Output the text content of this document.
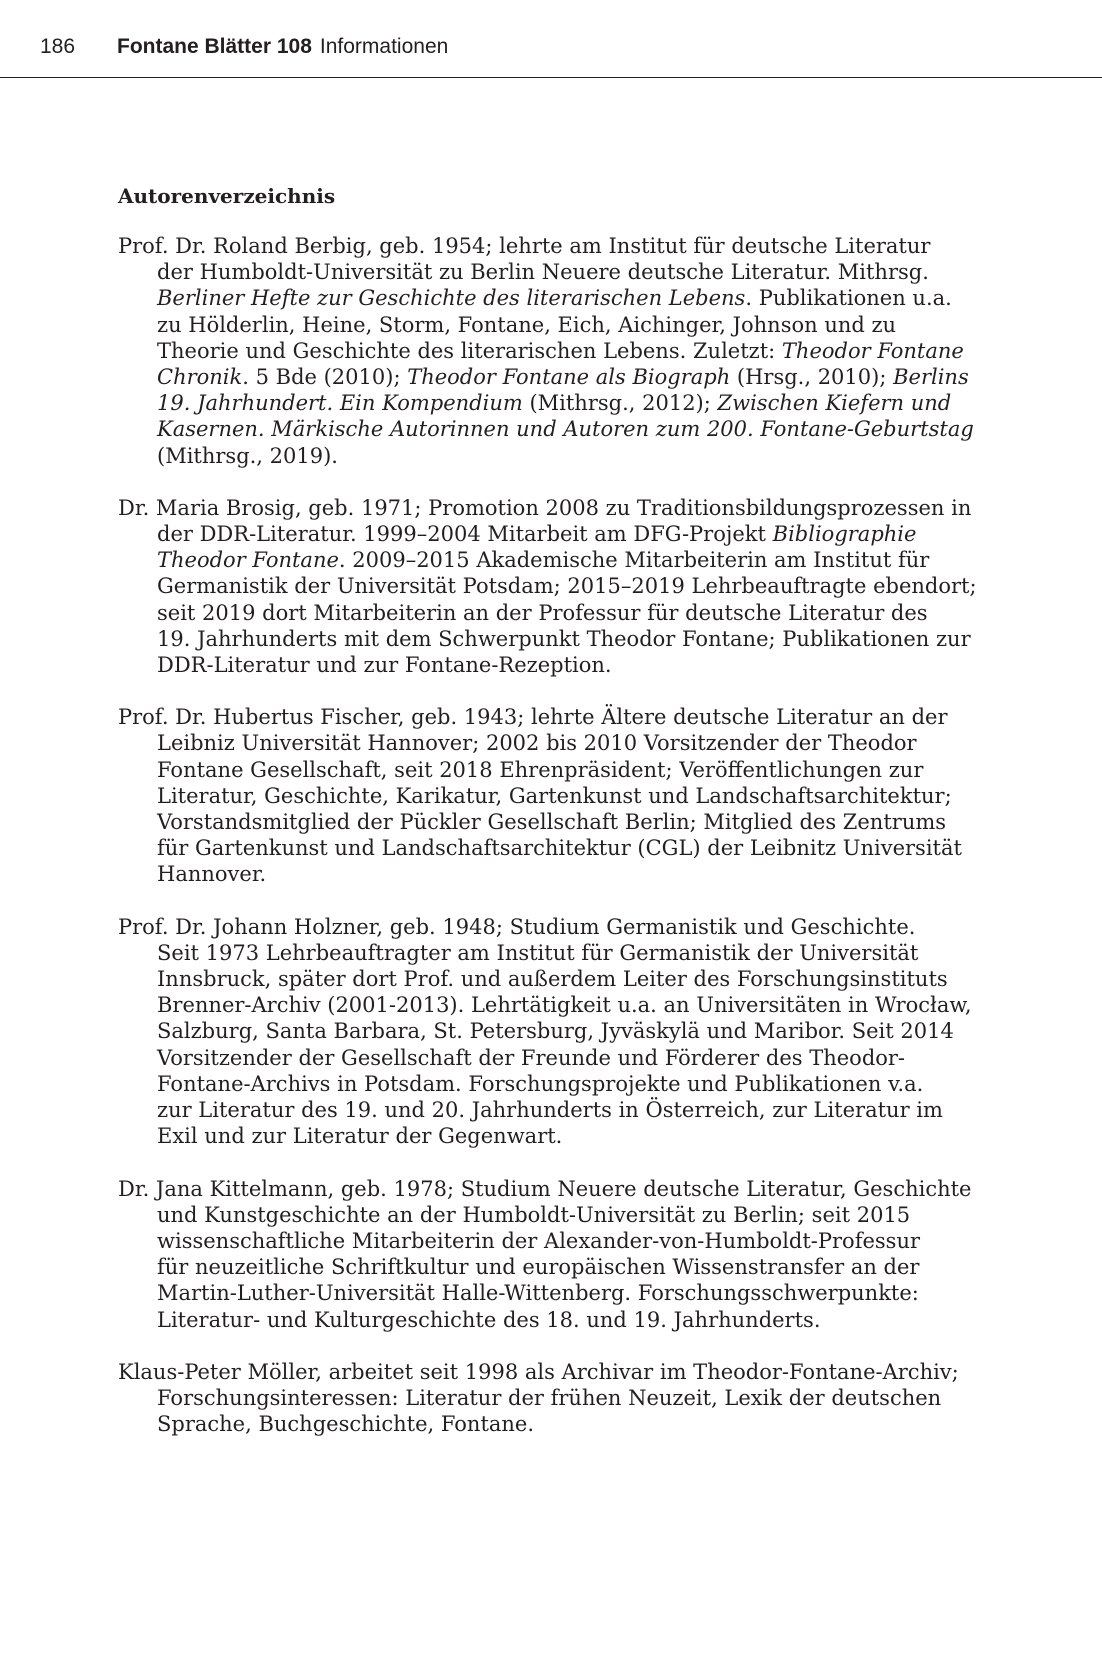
186 Fontane Blätter 108 Informationen
Autorenverzeichnis

Prof. Dr. Roland Berbig, geb. 1954; lehrte am Institut für deutsche Literatur
der Humboldt-Universität zu Berlin Neuere deutsche Literatur. Mithrsg.
Berliner Hefte zur Geschichte des literarischen Lebens. Publikationen u.a.
zu Hölderlin, Heine, Storm, Fontane, Eich, Aichinger, Johnson und zu
Theorie und Geschichte des literarischen Lebens. Zuletzt: Theodor Fontane
Chronik. 5 Bde (2010); Theodor Fontane als Biograph (Hrsg., 2010); Berlins
19. Jahrhundert. Ein Kompendium (Mithrsg., 2012); Zwischen Kiefern und
Kasernen. Märkische Autorinnen und Autoren zum 200. Fontane-Geburtstag
(Mithrsg., 2019).

Dr. Maria Brosig, geb. 1971; Promotion 2008 zu Traditionsbildungsprozessen in
der DDR-Literatur. 1999–2004 Mitarbeit am DFG-Projekt Bibliographie
Theodor Fontane. 2009–2015 Akademische Mitarbeiterin am Institut für
Germanistik der Universität Potsdam; 2015–2019 Lehrbeauftragte ebendort;
seit 2019 dort Mitarbeiterin an der Professur für deutsche Literatur des
19. Jahrhunderts mit dem Schwerpunkt Theodor Fontane; Publikationen zur
DDR-Literatur und zur Fontane-Rezeption.

Prof. Dr. Hubertus Fischer, geb. 1943; lehrte Ältere deutsche Literatur an der
Leibniz Universität Hannover; 2002 bis 2010 Vorsitzender der Theodor
Fontane Gesellschaft, seit 2018 Ehrenpräsident; Veröffentlichungen zur
Literatur, Geschichte, Karikatur, Gartenkunst und Landschaftsarchitektur;
Vorstandsmitglied der Pückler Gesellschaft Berlin; Mitglied des Zentrums
für Gartenkunst und Landschaftsarchitektur (CGL) der Leibnitz Universität
Hannover.

Prof. Dr. Johann Holzner, geb. 1948; Studium Germanistik und Geschichte.
Seit 1973 Lehrbeauftragter am Institut für Germanistik der Universität
Innsbruck, später dort Prof. und außerdem Leiter des Forschungsinstituts
Brenner-Archiv (2001-2013). Lehrtätigkeit u.a. an Universitäten in Wrocław,
Salzburg, Santa Barbara, St. Petersburg, Jyväskylä und Maribor. Seit 2014
Vorsitzender der Gesellschaft der Freunde und Förderer des Theodor-
Fontane-Archivs in Potsdam. Forschungsprojekte und Publikationen v.a.
zur Literatur des 19. und 20. Jahrhunderts in Österreich, zur Literatur im
Exil und zur Literatur der Gegenwart.

Dr. Jana Kittelmann, geb. 1978; Studium Neuere deutsche Literatur, Geschichte
und Kunstgeschichte an der Humboldt-Universität zu Berlin; seit 2015
wissenschaftliche Mitarbeiterin der Alexander-von-Humboldt-Professur
für neuzeitliche Schriftkultur und europäischen Wissenstransfer an der
Martin-Luther-Universität Halle-Wittenberg. Forschungsschwerpunkte:
Literatur- und Kulturgeschichte des 18. und 19. Jahrhunderts.

Klaus-Peter Möller, arbeitet seit 1998 als Archivar im Theodor-Fontane-Archiv;
Forschungsinteressen: Literatur der frühen Neuzeit, Lexik der deutschen
Sprache, Buchgeschichte, Fontane.
